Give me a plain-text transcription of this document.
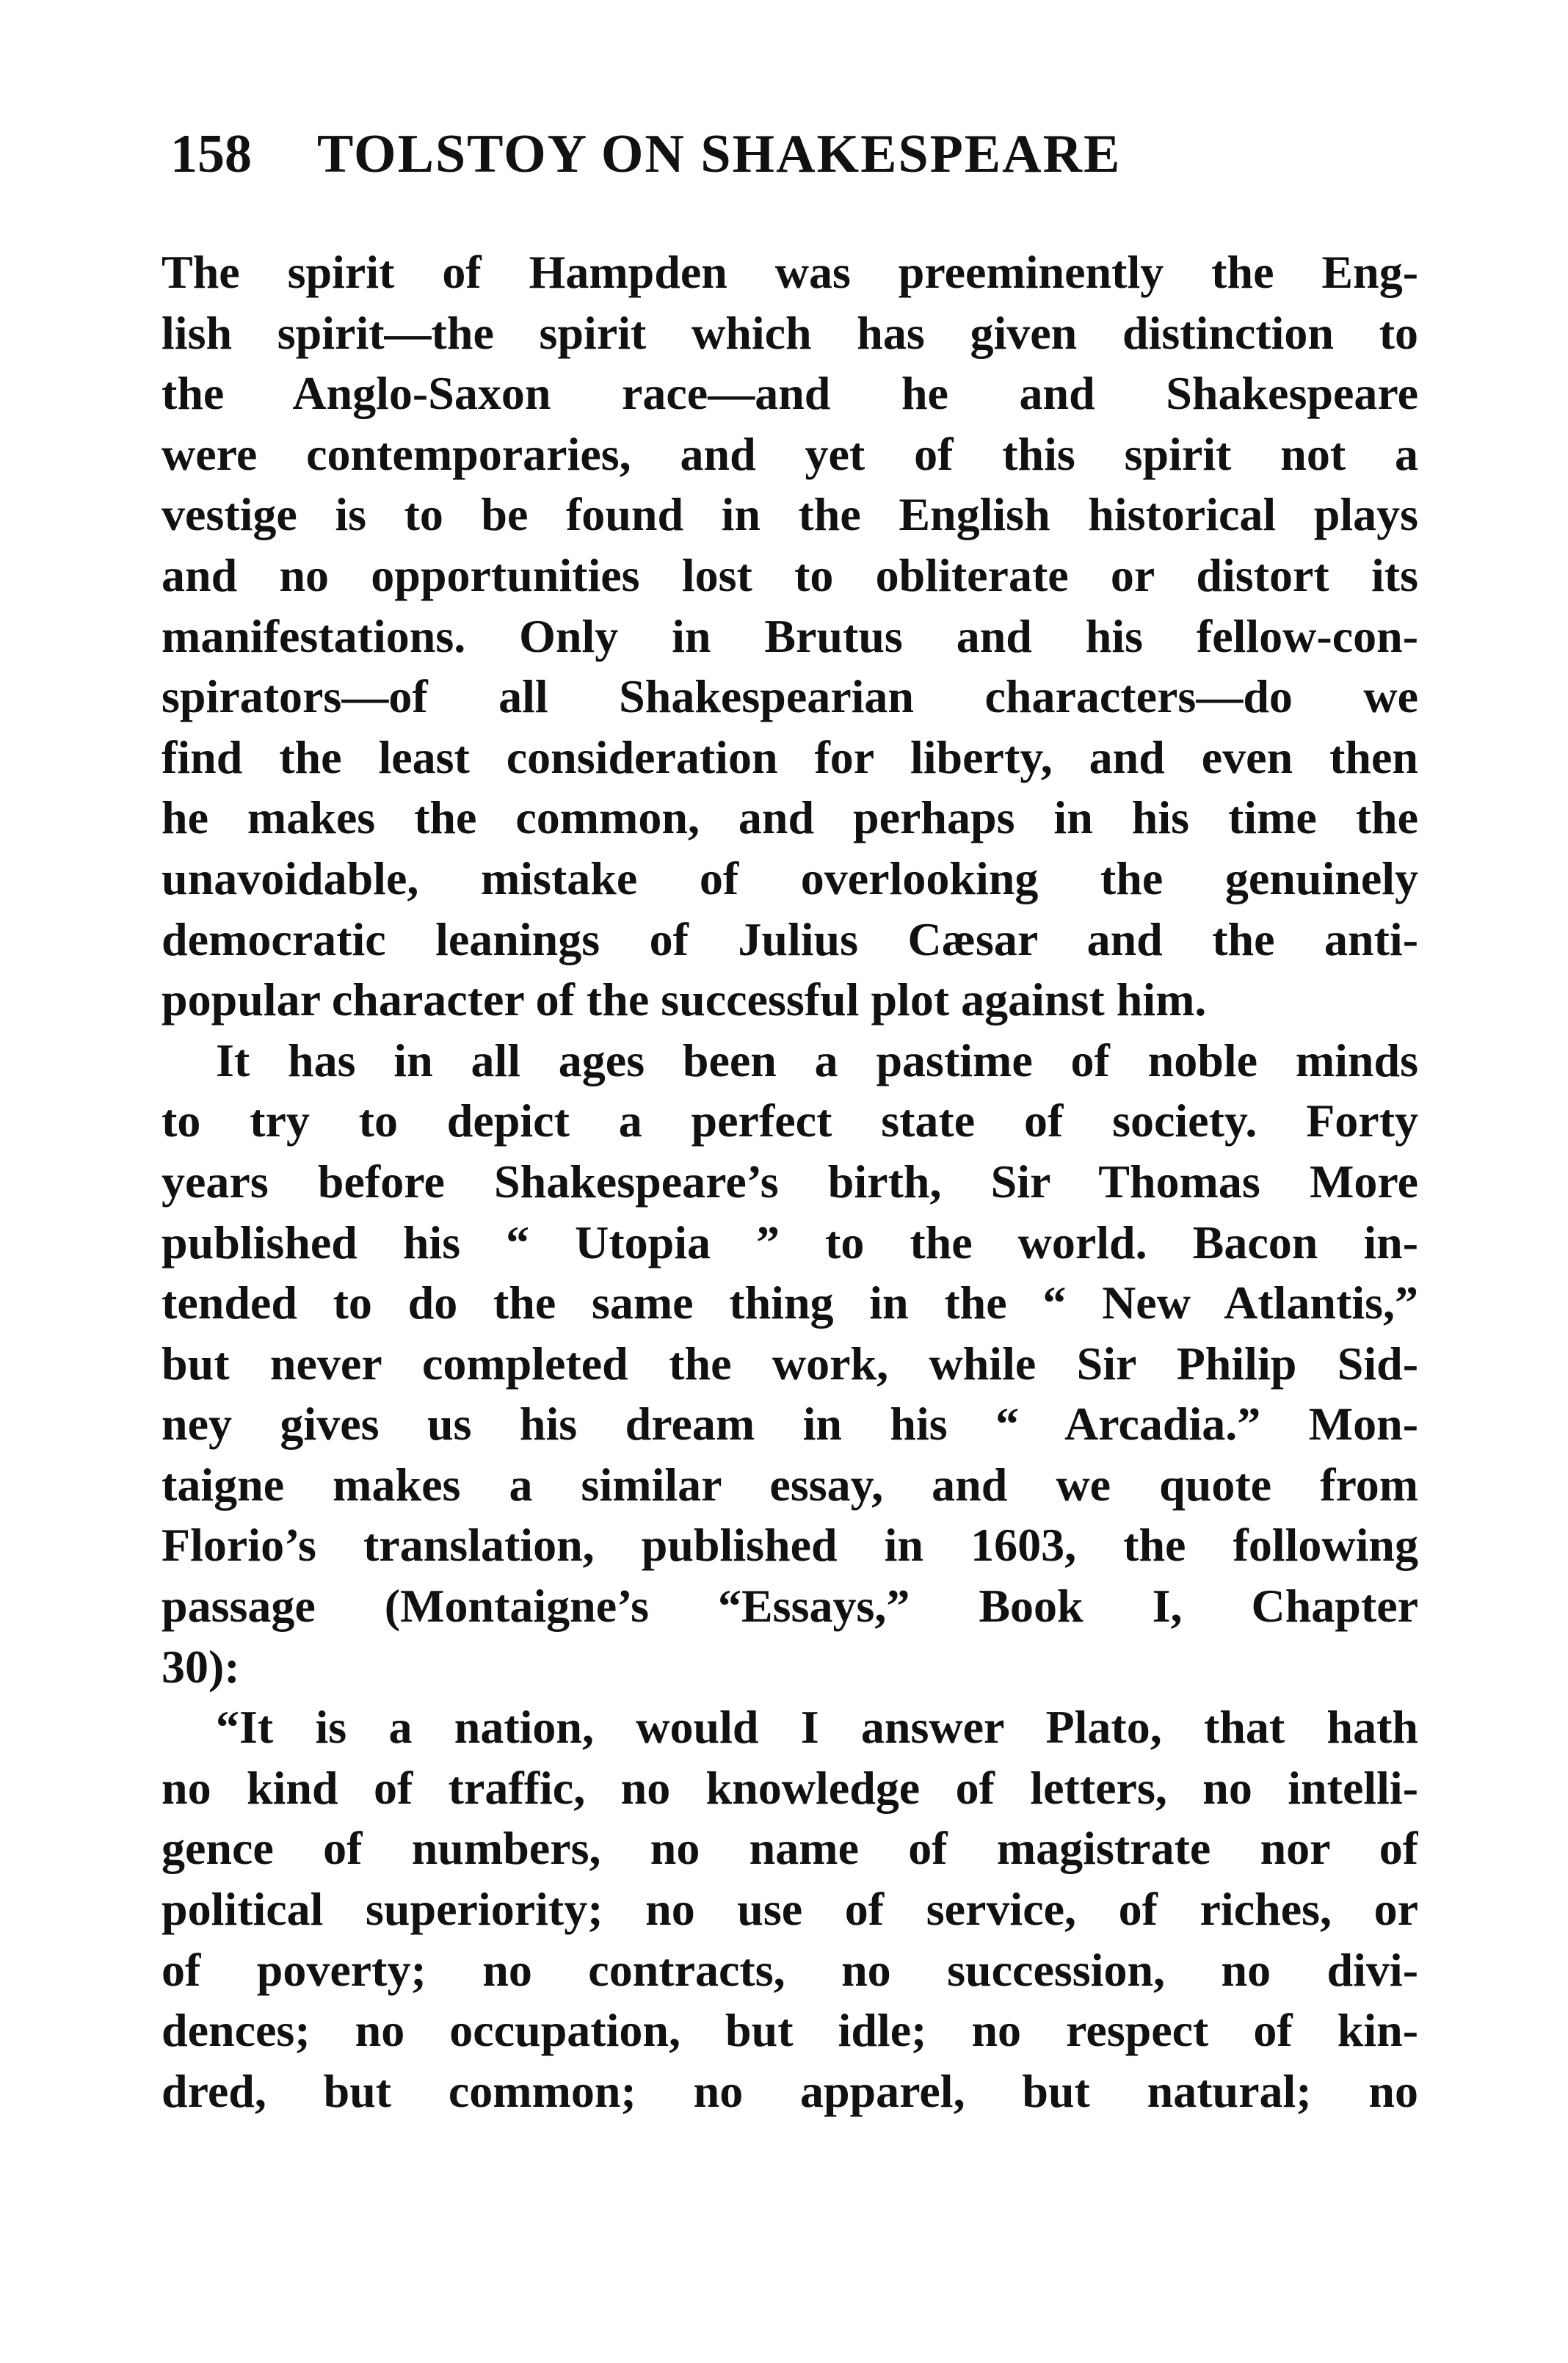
158 TOLSTOY ON SHAKESPEARE
The spirit of Hampden was preeminently the Eng-
lish spirit—the spirit which has given distinction to
the Anglo-Saxon race—and he and Shakespeare
were contemporaries, and yet of this spirit not a
vestige is to be found in the English historical plays
and no opportunities lost to obliterate or distort its
manifestations. Only in Brutus and his fellow-con-
spirators—of all Shakespearian characters—do we
find the least consideration for liberty, and even then
he makes the common, and perhaps in his time the
unavoidable, mistake of overlooking the genuinely
democratic leanings of Julius Cæsar and the anti-
popular character of the successful plot against him.
It has in all ages been a pastime of noble minds
to try to depict a perfect state of society. Forty
years before Shakespeare’s birth, Sir Thomas More
published his “ Utopia ” to the world. Bacon in-
tended to do the same thing in the “ New Atlantis,”
but never completed the work, while Sir Philip Sid-
ney gives us his dream in his “ Arcadia.” Mon-
taigne makes a similar essay, and we quote from
Florio’s translation, published in 1603, the following
passage (Montaigne’s “Essays,” Book I, Chapter
30):
“It is a nation, would I answer Plato, that hath
no kind of traffic, no knowledge of letters, no intelli-
gence of numbers, no name of magistrate nor of
political superiority; no use of service, of riches, or
of poverty; no contracts, no succession, no divi-
dences; no occupation, but idle; no respect of kin-
dred, but common; no apparel, but natural; no
